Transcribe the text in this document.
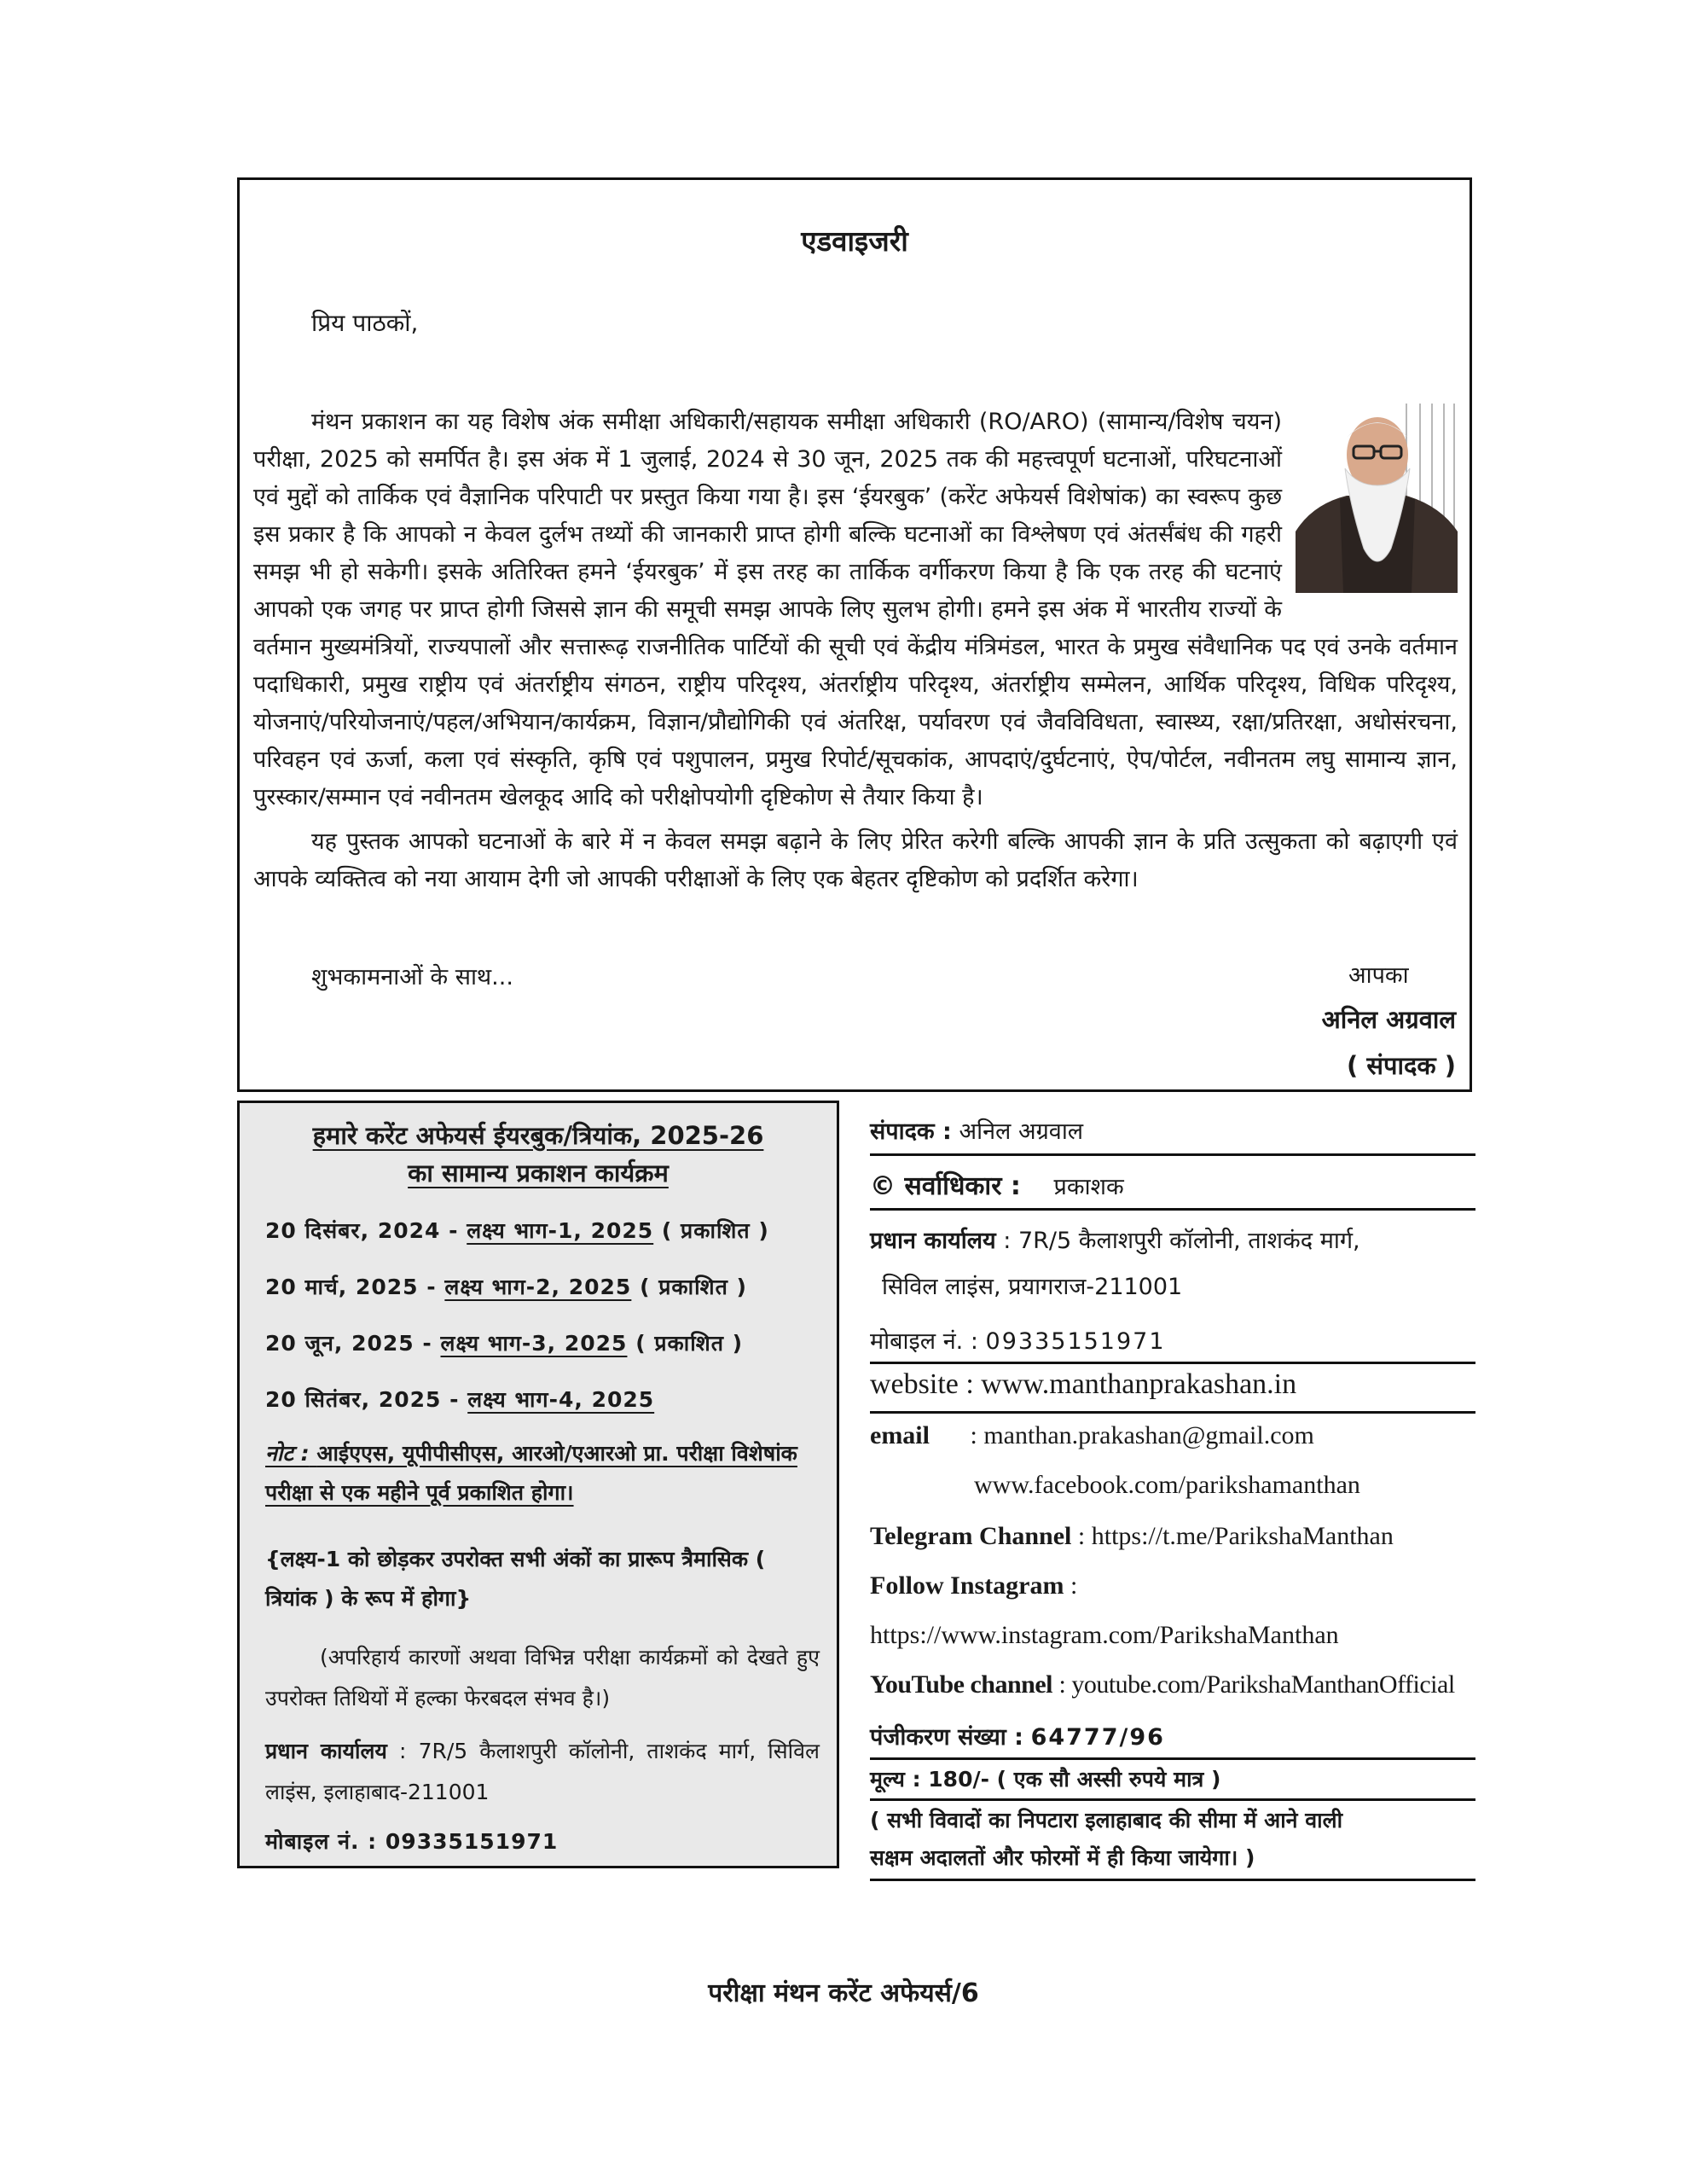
एडवाइजरी
प्रिय पाठकों,

मंथन प्रकाशन का यह विशेष अंक समीक्षा अधिकारी/सहायक समीक्षा अधिकारी (RO/ARO) (सामान्य/विशेष चयन) परीक्षा, 2025 को समर्पित है। इस अंक में 1 जुलाई, 2024 से 30 जून, 2025 तक की महत्त्वपूर्ण घटनाओं, परिघटनाओं एवं मुद्दों को तार्किक एवं वैज्ञानिक परिपाटी पर प्रस्तुत किया गया है। इस ‘ईयरबुक’ (करेंट अफेयर्स विशेषांक) का स्वरूप कुछ इस प्रकार है कि आपको न केवल दुर्लभ तथ्यों की जानकारी प्राप्त होगी बल्कि घटनाओं का विश्लेषण एवं अंतर्संबंध की गहरी समझ भी हो सकेगी। इसके अतिरिक्त हमने ‘ईयरबुक’ में इस तरह का तार्किक वर्गीकरण किया है कि एक तरह की घटनाएं आपको एक जगह पर प्राप्त होगी जिससे ज्ञान की समूची समझ आपके लिए सुलभ होगी। हमने इस अंक में भारतीय राज्यों के वर्तमान मुख्यमंत्रियों, राज्यपालों और सत्तारूढ़ राजनीतिक पार्टियों की सूची एवं केंद्रीय मंत्रिमंडल, भारत के प्रमुख संवैधानिक पद एवं उनके वर्तमान पदाधिकारी, प्रमुख राष्ट्रीय एवं अंतर्राष्ट्रीय संगठन, राष्ट्रीय परिदृश्य, अंतर्राष्ट्रीय परिदृश्य, अंतर्राष्ट्रीय सम्मेलन, आर्थिक परिदृश्य, विधिक परिदृश्य, योजनाएं/परियोजनाएं/पहल/अभियान/कार्यक्रम, विज्ञान/प्रौद्योगिकी एवं अंतरिक्ष, पर्यावरण एवं जैवविविधता, स्वास्थ्य, रक्षा/प्रतिरक्षा, अधोसंरचना, परिवहन एवं ऊर्जा, कला एवं संस्कृति, कृषि एवं पशुपालन, प्रमुख रिपोर्ट/सूचकांक, आपदाएं/दुर्घटनाएं, ऐप/पोर्टल, नवीनतम लघु सामान्य ज्ञान, पुरस्कार/सम्मान एवं नवीनतम खेलकूद आदि को परीक्षोपयोगी दृष्टिकोण से तैयार किया है।

यह पुस्तक आपको घटनाओं के बारे में न केवल समझ बढ़ाने के लिए प्रेरित करेगी बल्कि आपकी ज्ञान के प्रति उत्सुकता को बढ़ाएगी एवं आपके व्यक्तित्व को नया आयाम देगी जो आपकी परीक्षाओं के लिए एक बेहतर दृष्टिकोण को प्रदर्शित करेगा।

शुभकामनाओं के साथ...	आपका
अनिल अग्रवाल
( संपादक )
हमारे करेंट अफेयर्स ईयरबुक/त्रियांक, 2025-26
का सामान्य प्रकाशन कार्यक्रम
20 दिसंबर, 2024 - लक्ष्य भाग-1, 2025 ( प्रकाशित )
20 मार्च, 2025 - लक्ष्य भाग-2, 2025 ( प्रकाशित )
20 जून, 2025 - लक्ष्य भाग-3, 2025 ( प्रकाशित )
20 सितंबर, 2025 - लक्ष्य भाग-4, 2025
नोट : आईएएस, यूपीपीसीएस, आरओ/एआरओ प्रा. परीक्षा विशेषांक परीक्षा से एक महीने पूर्व प्रकाशित होगा।
{लक्ष्य-1 को छोड़कर उपरोक्त सभी अंकों का प्रारूप त्रैमासिक ( त्रियांक ) के रूप में होगा}
(अपरिहार्य कारणों अथवा विभिन्न परीक्षा कार्यक्रमों को देखते हुए उपरोक्त तिथियों में हल्का फेरबदल संभव है।)
प्रधान कार्यालय : 7R/5 कैलाशपुरी कॉलोनी, ताशकंद मार्ग, सिविल लाइंस, इलाहाबाद-211001
मोबाइल नं. : 09335151971
संपादक : अनिल अग्रवाल
© सर्वाधिकार : प्रकाशक
प्रधान कार्यालय : 7R/5 कैलाशपुरी कॉलोनी, ताशकंद मार्ग,
सिविल लाइंस, प्रयागराज-211001
मोबाइल नं. : 09335151971
website : www.manthanprakashan.in
email : manthan.prakashan@gmail.com
www.facebook.com/parikshamanthan
Telegram Channel : https://t.me/ParikshaManthan
Follow Instagram :
https://www.instagram.com/ParikshaManthan
YouTube channel : youtube.com/ParikshaManthanOfficial
पंजीकरण संख्या : 64777/96
मूल्य : 180/- ( एक सौ अस्सी रुपये मात्र )
( सभी विवादों का निपटारा इलाहाबाद की सीमा में आने वाली
सक्षम अदालतों और फोरमों में ही किया जायेगा। )
परीक्षा मंथन करेंट अफेयर्स/6
